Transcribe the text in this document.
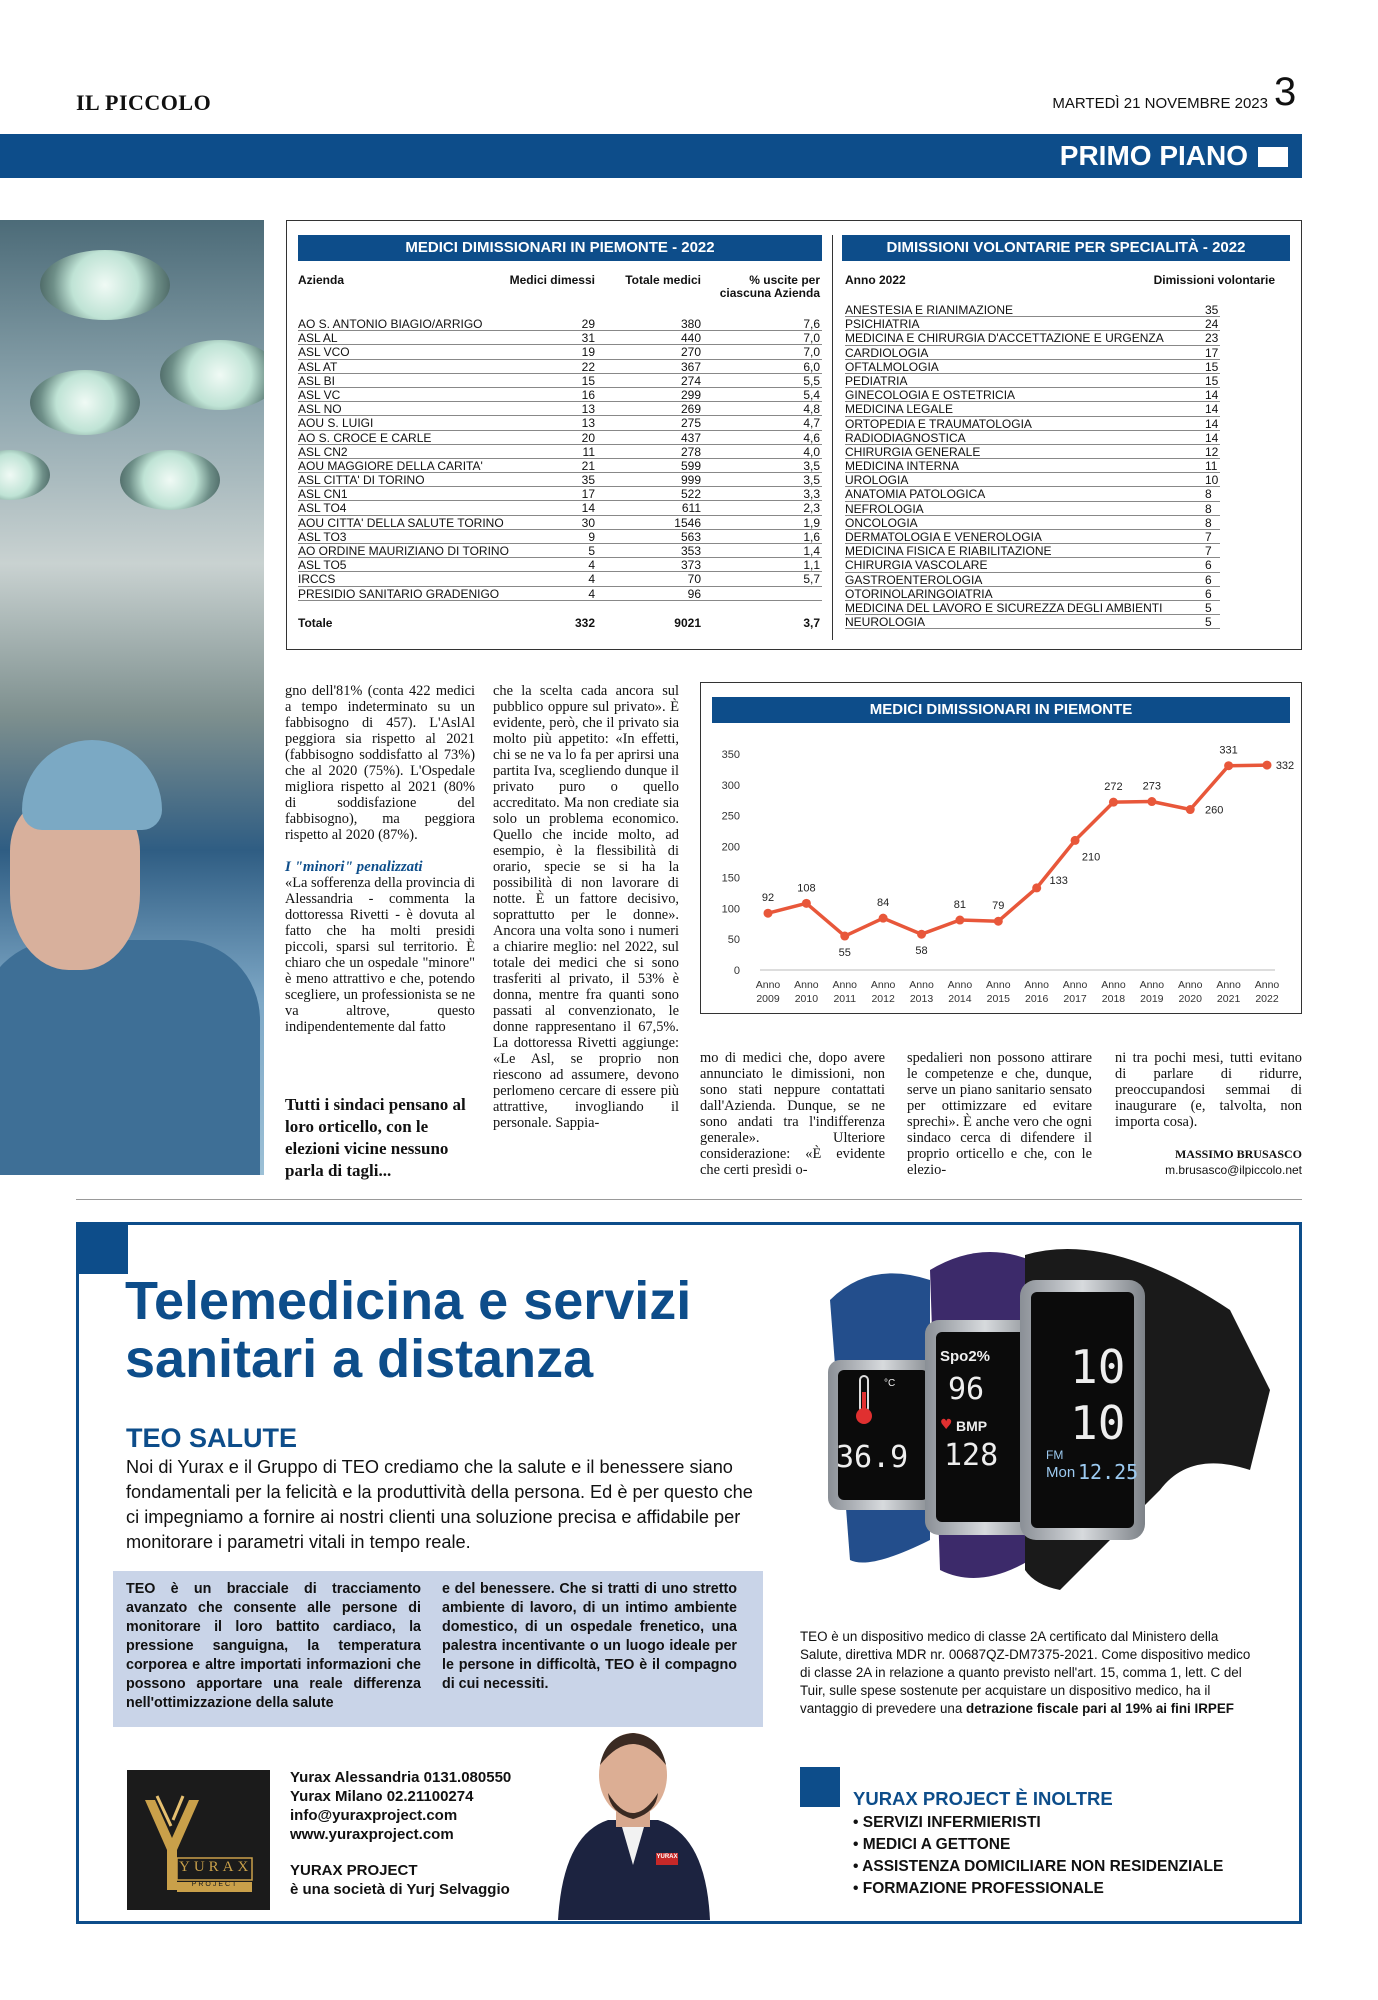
IL PICCOLO	MARTEDÌ 21 NOVEMBRE 2023 3
PRIMO PIANO
MEDICI DIMISSIONARI IN PIEMONTE - 2022	DIMISSIONI VOLONTARIE PER SPECIALITÀ - 2022
Azienda	Medici dimessi	Totale medici	% uscite per ciascuna Azienda
AO S. ANTONIO BIAGIO/ARRIGO	29	380	7,6
ASL AL	31	440	7,0
ASL VCO	19	270	7,0
ASL AT	22	367	6,0
ASL BI	15	274	5,5
ASL VC	16	299	5,4
ASL NO	13	269	4,8
AOU S. LUIGI	13	275	4,7
AO S. CROCE E CARLE	20	437	4,6
ASL CN2	11	278	4,0
AOU MAGGIORE DELLA CARITA'	21	599	3,5
ASL CITTA' DI TORINO	35	999	3,5
ASL CN1	17	522	3,3
ASL TO4	14	611	2,3
AOU CITTA' DELLA SALUTE TORINO	30	1546	1,9
ASL TO3	9	563	1,6
AO ORDINE MAURIZIANO DI TORINO	5	353	1,4
ASL TO5	4	373	1,1
IRCCS	4	70	5,7
PRESIDIO SANITARIO GRADENIGO	4	96
Totale	332	9021	3,7
Anno 2022	Dimissioni volontarie
ANESTESIA E RIANIMAZIONE	35
PSICHIATRIA	24
MEDICINA E CHIRURGIA D'ACCETTAZIONE E URGENZA	23
CARDIOLOGIA	17
OFTALMOLOGIA	15
PEDIATRIA	15
GINECOLOGIA E OSTETRICIA	14
MEDICINA LEGALE	14
ORTOPEDIA E TRAUMATOLOGIA	14
RADIODIAGNOSTICA	14
CHIRURGIA GENERALE	12
MEDICINA INTERNA	11
UROLOGIA	10
ANATOMIA PATOLOGICA	8
NEFROLOGIA	8
ONCOLOGIA	8
DERMATOLOGIA E VENEROLOGIA	7
MEDICINA FISICA E RIABILITAZIONE	7
CHIRURGIA VASCOLARE	6
GASTROENTEROLOGIA	6
OTORINOLARINGOIATRIA	6
MEDICINA DEL LAVORO E SICUREZZA DEGLI AMBIENTI	5
NEUROLOGIA	5
MEDICI DIMISSIONARI IN PIEMONTE
0
50
100
150
200
250
300
350
92
Anno
2009
108
Anno
2010
55
Anno
2011
84
Anno
2012
58
Anno
2013
81
Anno
2014
79
Anno
2015
133
Anno
2016
210
Anno
2017
272
Anno
2018
273
Anno
2019
260
Anno
2020
331
Anno
2021
332
Anno
2022
gno dell'81% (conta 422 medici a tempo indeterminato su un fabbisogno di 457). L'AslAl peggiora sia rispetto al 2021 (fabbisogno soddisfatto al 73%) che al 2020 (75%). L'Ospedale migliora rispetto al 2021 (80% di soddisfazione del fabbisogno), ma peggiora rispetto al 2020 (87%).
I "minori" penalizzati
«La sofferenza della provincia di Alessandria - commenta la dottoressa Rivetti - è dovuta al fatto che ha molti presidi piccoli, sparsi sul territorio. È chiaro che un ospedale "minore" è meno attrattivo e che, potendo scegliere, un professionista se ne va altrove, questo indipendentemente dal fatto
Tutti i sindaci pensano al loro orticello, con le elezioni vicine nessuno parla di tagli...
che la scelta cada ancora sul pubblico oppure sul privato». È evidente, però, che il privato sia molto più appetito: «In effetti, chi se ne va lo fa per aprirsi una partita Iva, scegliendo dunque il privato puro o quello accreditato. Ma non crediate sia solo un problema economico. Quello che incide molto, ad esempio, è la flessibilità di orario, specie se si ha la possibilità di non lavorare di notte. È un fattore decisivo, soprattutto per le donne». Ancora una volta sono i numeri a chiarire meglio: nel 2022, sul totale dei medici che si sono trasferiti al privato, il 53% è donna, mentre fra quanti sono passati al convenzionato, le donne rappresentano il 67,5%. La dottoressa Rivetti aggiunge: «Le Asl, se proprio non riescono ad assumere, devono perlomeno cercare di essere più attrattive, invogliando il personale. Sappia-
mo di medici che, dopo avere annunciato le dimissioni, non sono stati neppure contattati dall'Azienda. Dunque, se ne sono andati tra l'indifferenza generale». Ulteriore considerazione: «È evidente che certi presìdi o-
spedalieri non possono attirare le competenze e che, dunque, serve un piano sanitario sensato per ottimizzare ed evitare sprechi». È anche vero che ogni sindaco cerca di difendere il proprio orticello e che, con le elezio-
ni tra pochi mesi, tutti evitano di parlare di ridurre, preoccupandosi semmai di inaugurare (e, talvolta, non importa cosa).
MASSIMO BRUSASCO
m.brusasco@ilpiccolo.net
Telemedicina e servizi sanitari a distanza
TEO SALUTE
Noi di Yurax e il Gruppo di TEO crediamo che la salute e il benessere siano fondamentali per la felicità e la produttività della persona. Ed è per questo che ci impegniamo a fornire ai nostri clienti una soluzione precisa e affidabile per monitorare i parametri vitali in tempo reale.
TEO è un bracciale di tracciamento avanzato che consente alle persone di monitorare il loro battito cardiaco, la pressione sanguigna, la temperatura corporea e altre importati informazioni che possono apportare una reale differenza nell'ottimizzazione della salute
e del benessere. Che si tratti di uno stretto ambiente di lavoro, di un intimo ambiente domestico, di un ospedale frenetico, una palestra incentivante o un luogo ideale per le persone in difficoltà, TEO è il compagno di cui necessiti.
°C
36.9
Spo2%
96
♥ BMP
128
10
10
FM
Mon 12.25
TEO è un dispositivo medico di classe 2A certificato dal Ministero della Salute, direttiva MDR nr. 00687QZ-DM7375-2021. Come dispositivo medico di classe 2A in relazione a quanto previsto nell'art. 15, comma 1, lett. C del Tuir, sulle spese sostenute per acquistare un dispositivo medico, ha il vantaggio di prevedere una detrazione fiscale pari al 19% ai fini IRPEF
YURAX
PROJECT
Yurax Alessandria 0131.080550
Yurax Milano 02.21100274
info@yuraxproject.com
www.yuraxproject.com
YURAX PROJECT
è una società di Yurj Selvaggio
YURAX
YURAX PROJECT È INOLTRE
• SERVIZI INFERMIERISTI
• MEDICI A GETTONE
• ASSISTENZA DOMICILIARE NON RESIDENZIALE
• FORMAZIONE PROFESSIONALE
